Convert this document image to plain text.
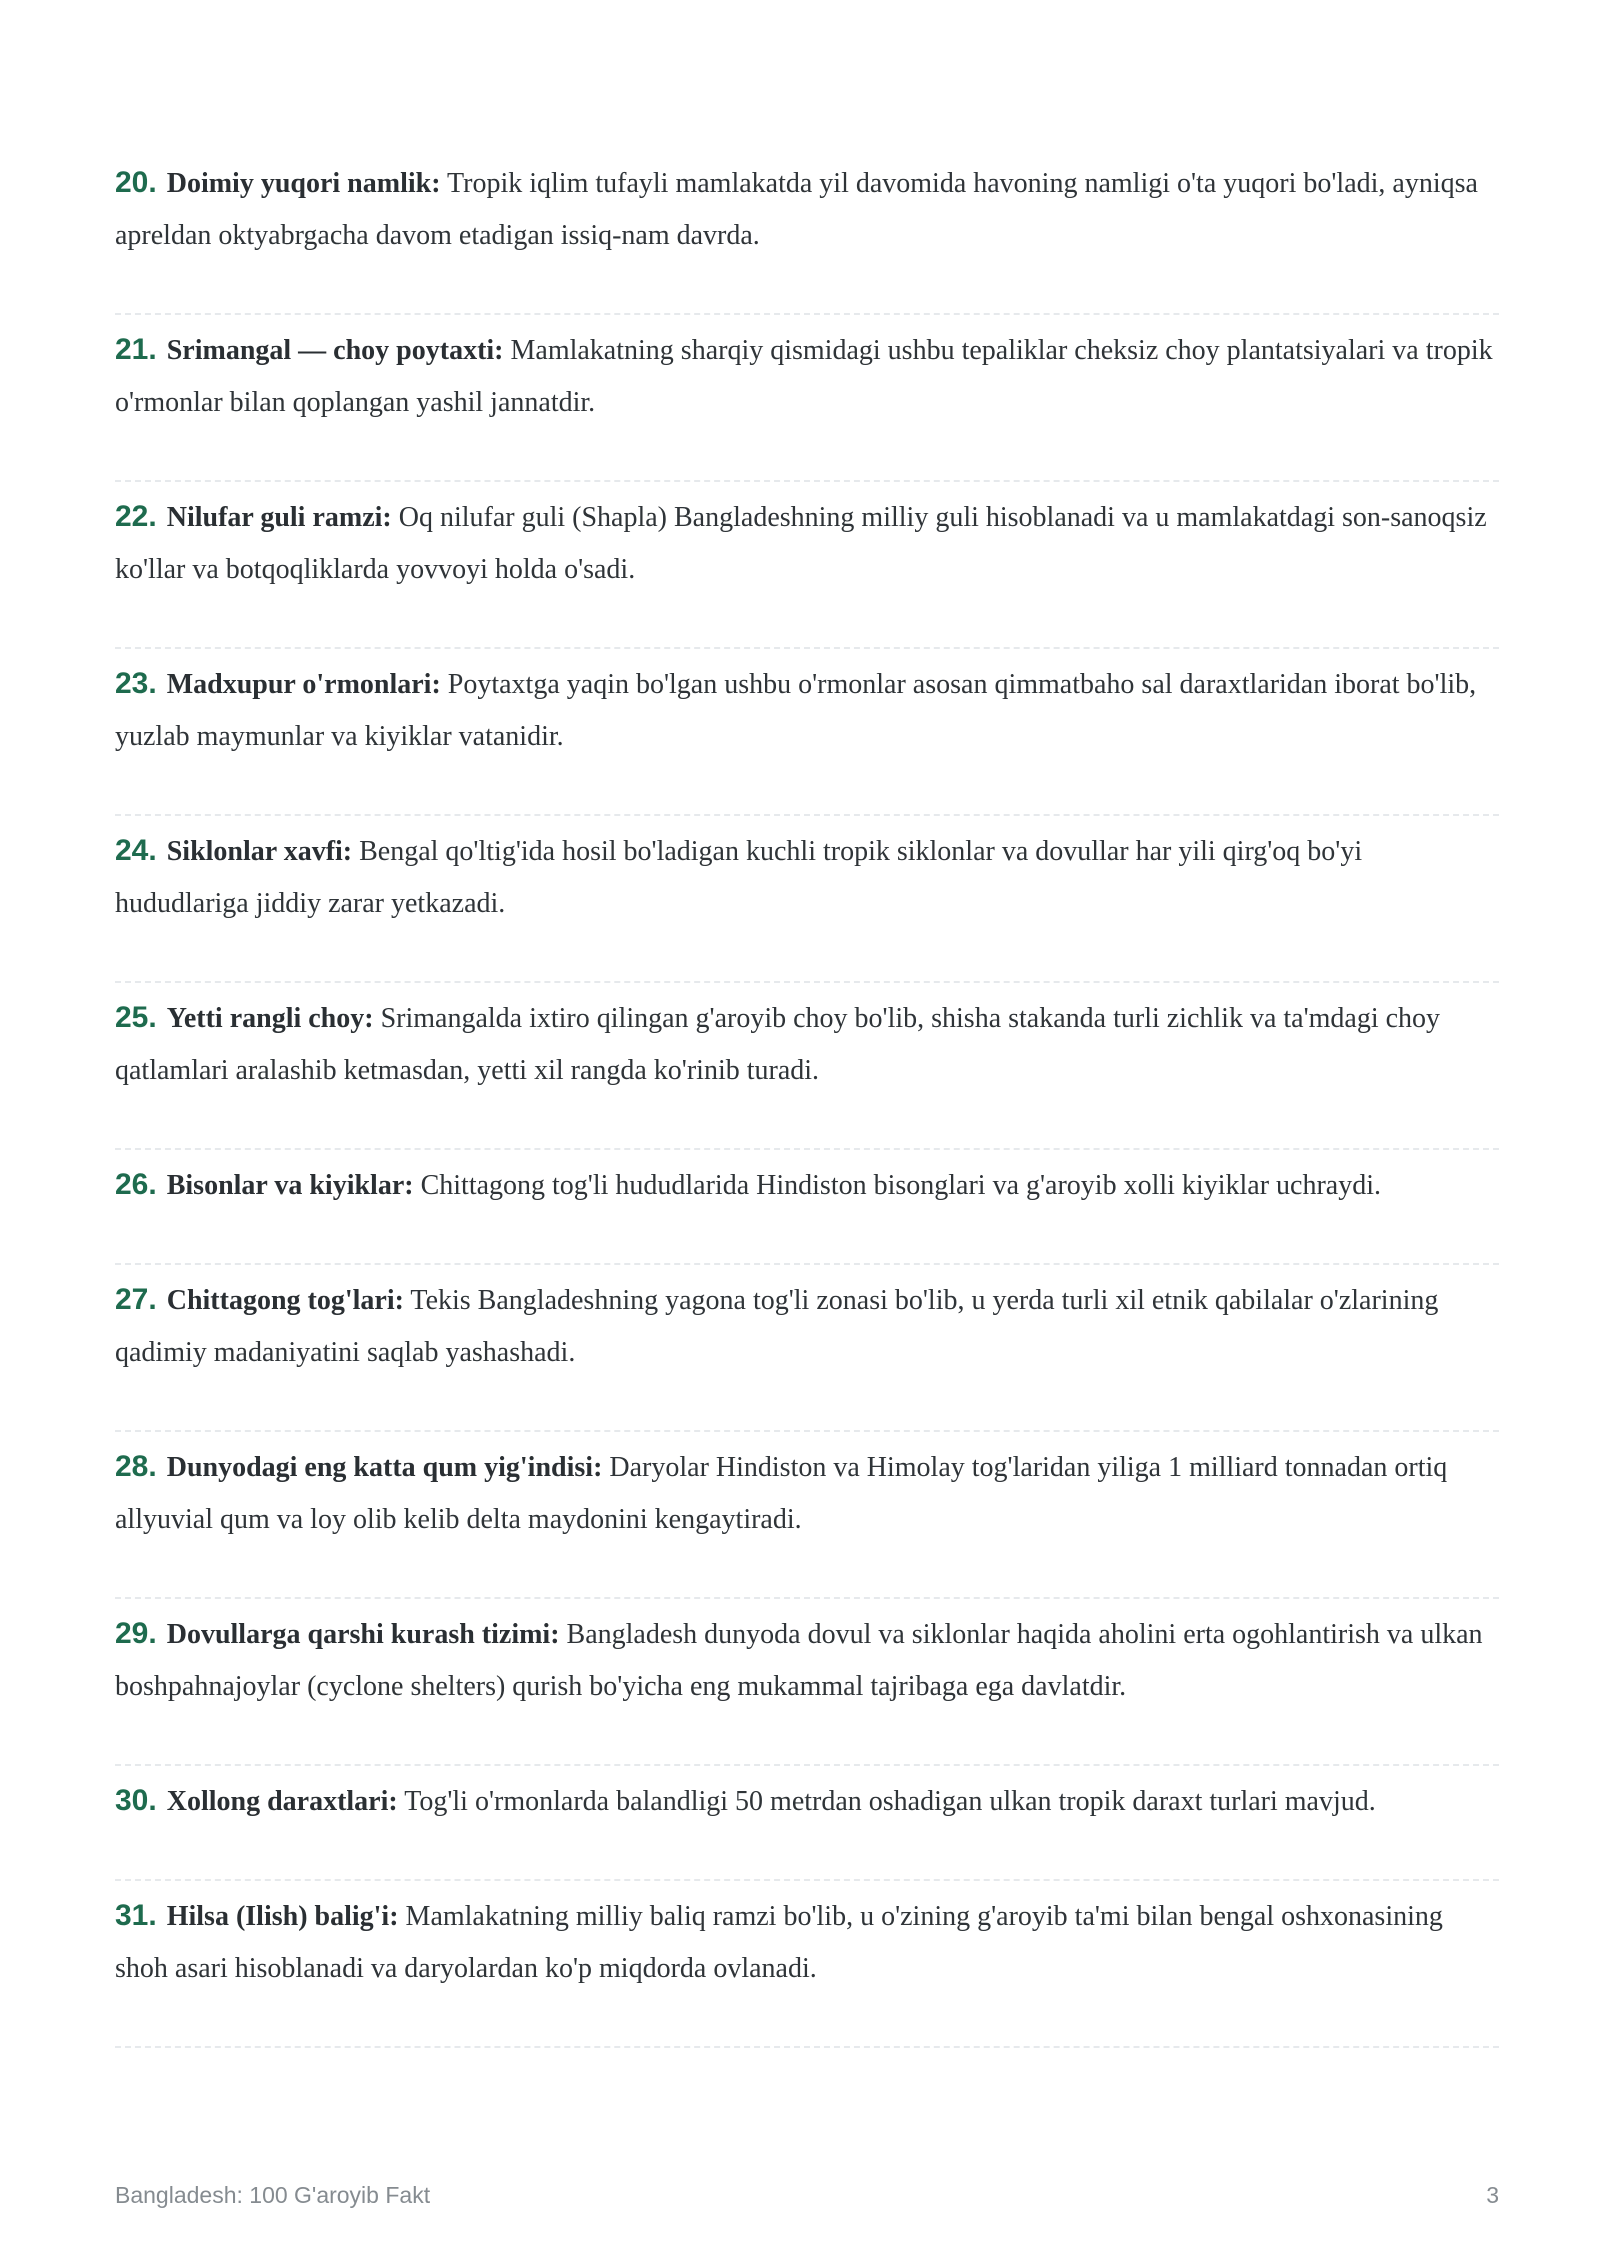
20. Doimiy yuqori namlik: Tropik iqlim tufayli mamlakatda yil davomida havoning namligi o'ta yuqori bo'ladi, ayniqsa apreldan oktyabrgacha davom etadigan issiq-nam davrda.
21. Srimangal — choy poytaxti: Mamlakatning sharqiy qismidagi ushbu tepaliklar cheksiz choy plantatsiyalari va tropik o'rmonlar bilan qoplangan yashil jannatdir.
22. Nilufar guli ramzi: Oq nilufar guli (Shapla) Bangladeshning milliy guli hisoblanadi va u mamlakatdagi son-sanoqsiz ko'llar va botqoqliklarda yovvoyi holda o'sadi.
23. Madxupur o'rmonlari: Poytaxtga yaqin bo'lgan ushbu o'rmonlar asosan qimmatbaho sal daraxtlaridan iborat bo'lib, yuzlab maymunlar va kiyiklar vatanidir.
24. Siklonlar xavfi: Bengal qo'ltig'ida hosil bo'ladigan kuchli tropik siklonlar va dovullar har yili qirg'oq bo'yi hududlariga jiddiy zarar yetkazadi.
25. Yetti rangli choy: Srimangalda ixtiro qilingan g'aroyib choy bo'lib, shisha stakanda turli zichlik va ta'mdagi choy qatlamlari aralashib ketmasdan, yetti xil rangda ko'rinib turadi.
26. Bisonlar va kiyiklar: Chittagong tog'li hududlarida Hindiston bisonglari va g'aroyib xolli kiyiklar uchraydi.
27. Chittagong tog'lari: Tekis Bangladeshning yagona tog'li zonasi bo'lib, u yerda turli xil etnik qabilalar o'zlarining qadimiy madaniyatini saqlab yashashadi.
28. Dunyodagi eng katta qum yig'indisi: Daryolar Hindiston va Himolay tog'laridan yiliga 1 milliard tonnadan ortiq allyuvial qum va loy olib kelib delta maydonini kengaytiradi.
29. Dovullarga qarshi kurash tizimi: Bangladesh dunyoda dovul va siklonlar haqida aholini erta ogohlantirish va ulkan boshpahnajoylar (cyclone shelters) qurish bo'yicha eng mukammal tajribaga ega davlatdir.
30. Xollong daraxtlari: Tog'li o'rmonlarda balandligi 50 metrdan oshadigan ulkan tropik daraxt turlari mavjud.
31. Hilsa (Ilish) balig'i: Mamlakatning milliy baliq ramzi bo'lib, u o'zining g'aroyib ta'mi bilan bengal oshxonasining shoh asari hisoblanadi va daryolardan ko'p miqdorda ovlanadi.
Bangladesh: 100 G'aroyib Fakt	3
